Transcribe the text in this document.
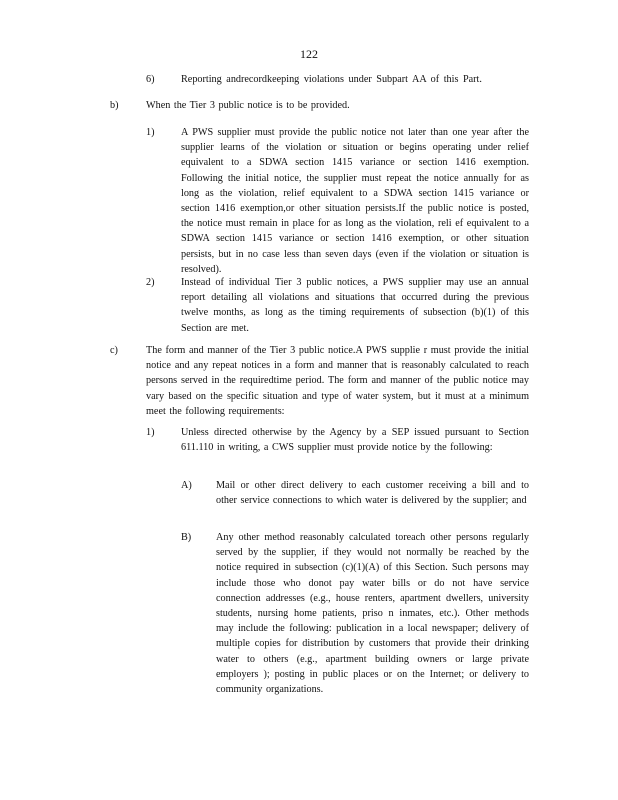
122
6)	Reporting andrecordkeeping violations under Subpart AA of this Part.
b)	When the Tier 3 public notice is to be provided.
1)	A PWS supplier must provide the public notice not later than one year after the supplier learns of the violation or situation or begins operating under relief equivalent to a SDWA section 1415 variance or section 1416 exemption. Following the initial notice, the supplier must repeat the notice annually for as long as the violation, relief equivalent to a SDWA section 1415 variance or section 1416 exemption,or other situation persists.If the public notice is posted, the notice must remain in place for as long as the violation, reli ef equivalent to a SDWA section 1415 variance or section 1416 exemption, or other situation persists, but in no case less than seven days (even if the violation or situation is resolved).
2)	Instead of individual Tier 3 public notices, a PWS supplier may use an annual report detailing all violations and situations that occurred during the previous twelve months, as long as the timing requirements of subsection (b)(1) of this Section are met.
c)	The form and manner of the Tier 3 public notice.A PWS supplie r must provide the initial notice and any repeat notices in a form and manner that is reasonably calculated to reach persons served in the requiredtime period. The form and manner of the public notice may vary based on the specific situation and type of water system, but it must at a minimum meet the following requirements:
1)	Unless directed otherwise by the Agency by a SEP issued pursuant to Section 611.110 in writing, a CWS supplier must provide notice by the following:
A) Mail or other direct delivery to each customer receiving a bill and to other service connections to which water is delivered by the supplier; and
B) Any other method reasonably calculated toreach other persons regularly served by the supplier, if they would not normally be reached by the notice required in subsection (c)(1)(A) of this Section. Such persons may include those who donot pay water bills or do not have service connection addresses (e.g., house renters, apartment dwellers, university students, nursing home patients, priso n inmates, etc.). Other methods may include the following: publication in a local newspaper; delivery of multiple copies for distribution by customers that provide their drinking water to others (e.g., apartment building owners or large private employers ); posting in public places or on the Internet; or delivery to community organizations.
